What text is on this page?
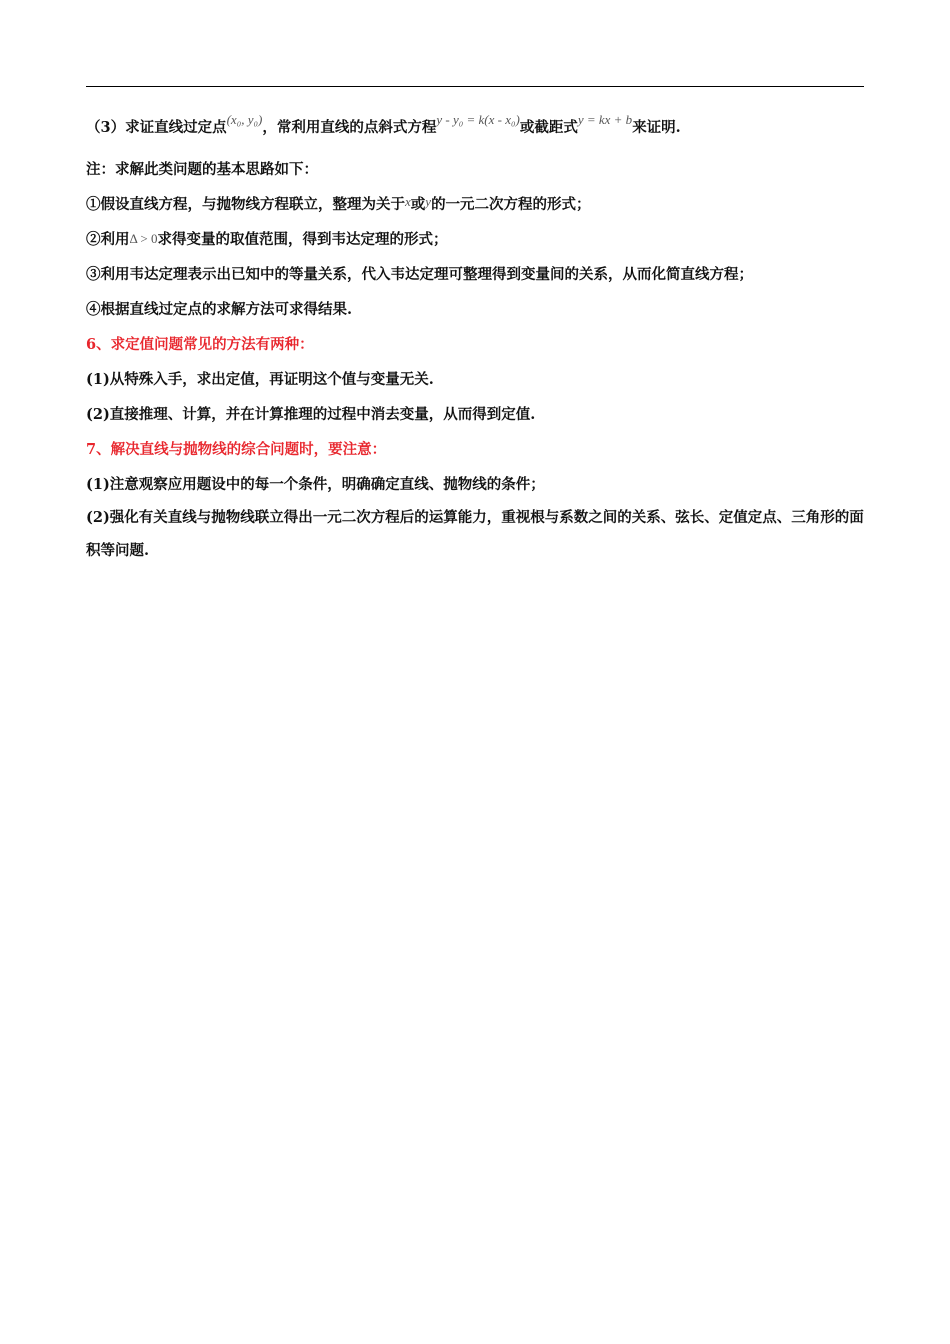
（3）求证直线过定点(x₀, y₀)，常利用直线的点斜式方程y - y₀ = k(x - x₀)或截距式y = kx + b来证明.
注：求解此类问题的基本思路如下：
①假设直线方程，与抛物线方程联立，整理为关于x或y的一元二次方程的形式；
②利用Δ > 0求得变量的取值范围，得到韦达定理的形式；
③利用韦达定理表示出已知中的等量关系，代入韦达定理可整理得到变量间的关系，从而化简直线方程；
④根据直线过定点的求解方法可求得结果.
6、求定值问题常见的方法有两种：
(1)从特殊入手，求出定值，再证明这个值与变量无关.
(2)直接推理、计算，并在计算推理的过程中消去变量，从而得到定值.
7、解决直线与抛物线的综合问题时，要注意：
(1)注意观察应用题设中的每一个条件，明确确定直线、抛物线的条件；
(2)强化有关直线与抛物线联立得出一元二次方程后的运算能力，重视根与系数之间的关系、弦长、定值定点、三角形的面积等问题.
